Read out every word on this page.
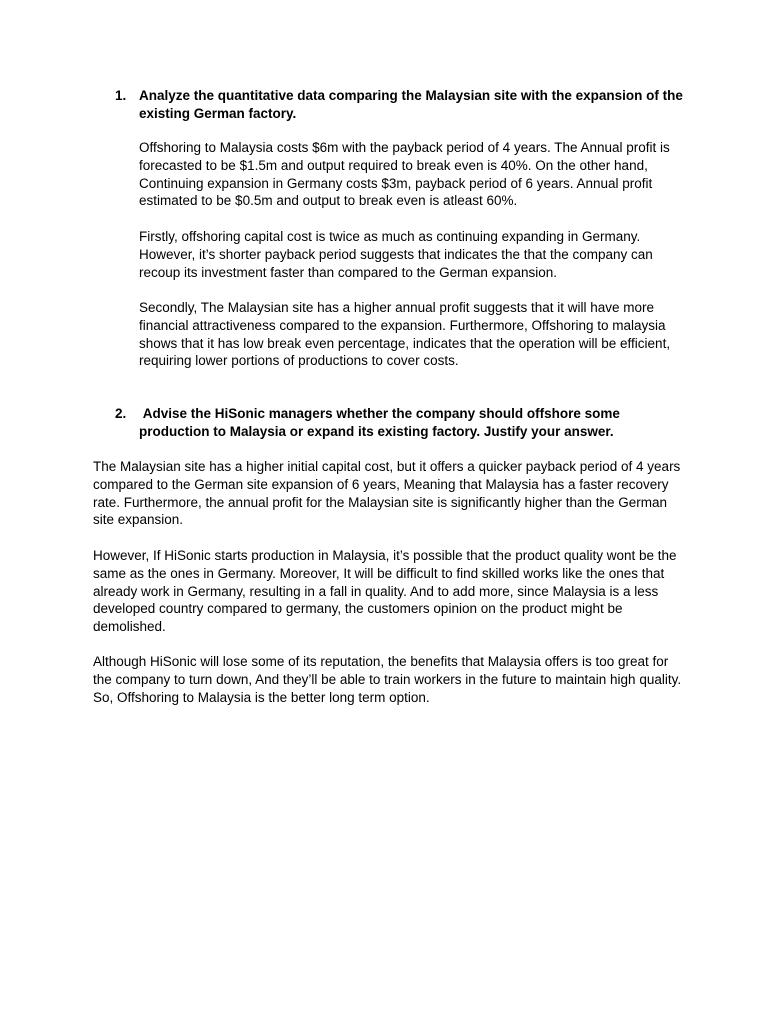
1. Analyze the quantitative data comparing the Malaysian site with the expansion of the existing German factory.

Offshoring to Malaysia costs $6m with the payback period of 4 years. The Annual profit is forecasted to be $1.5m and output required to break even is 40%. On the other hand, Continuing expansion in Germany costs $3m, payback period of 6 years. Annual profit estimated to be $0.5m and output to break even is atleast 60%.

Firstly, offshoring capital cost is twice as much as continuing expanding in Germany. However, it’s shorter payback period suggests that indicates the that the company can recoup its investment faster than compared to the German expansion.

Secondly, The Malaysian site has a higher annual profit suggests that it will have more financial attractiveness compared to the expansion. Furthermore, Offshoring to malaysia shows that it has low break even percentage, indicates that the operation will be efficient, requiring lower portions of productions to cover costs.

2. Advise the HiSonic managers whether the company should offshore some production to Malaysia or expand its existing factory. Justify your answer.

The Malaysian site has a higher initial capital cost, but it offers a quicker payback period of 4 years compared to the German site expansion of 6 years, Meaning that Malaysia has a faster recovery rate. Furthermore, the annual profit for the Malaysian site is significantly higher than the German site expansion.

However, If HiSonic starts production in Malaysia, it’s possible that the product quality wont be the same as the ones in Germany. Moreover, It will be difficult to find skilled works like the ones that already work in Germany, resulting in a fall in quality. And to add more, since Malaysia is a less developed country compared to germany, the customers opinion on the product might be demolished.

Although HiSonic will lose some of its reputation, the benefits that Malaysia offers is too great for the company to turn down, And they’ll be able to train workers in the future to maintain high quality. So, Offshoring to Malaysia is the better long term option.
